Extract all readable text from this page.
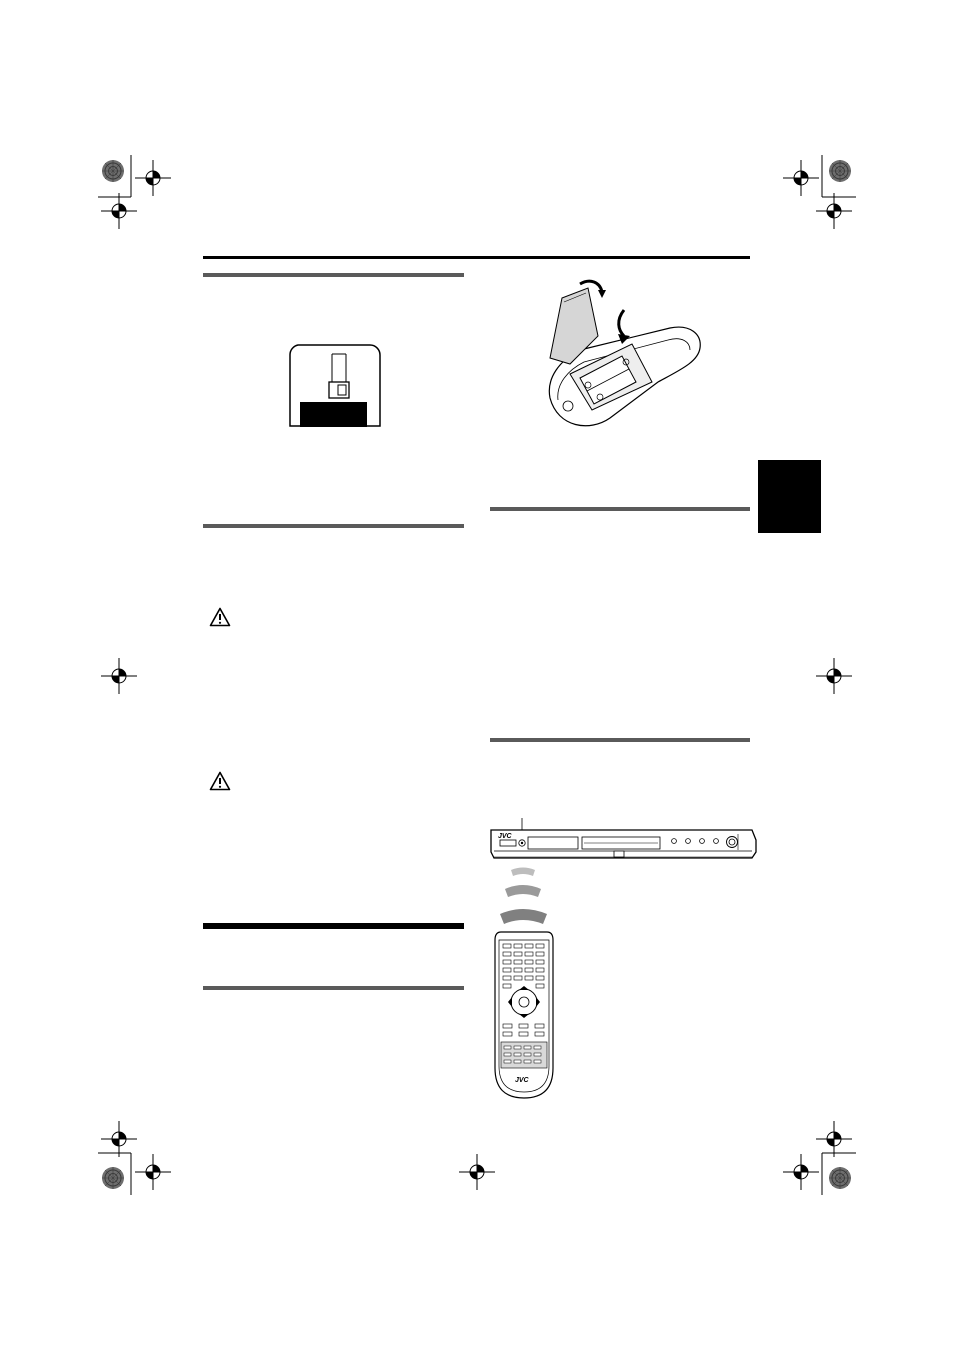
JVC
JVC
